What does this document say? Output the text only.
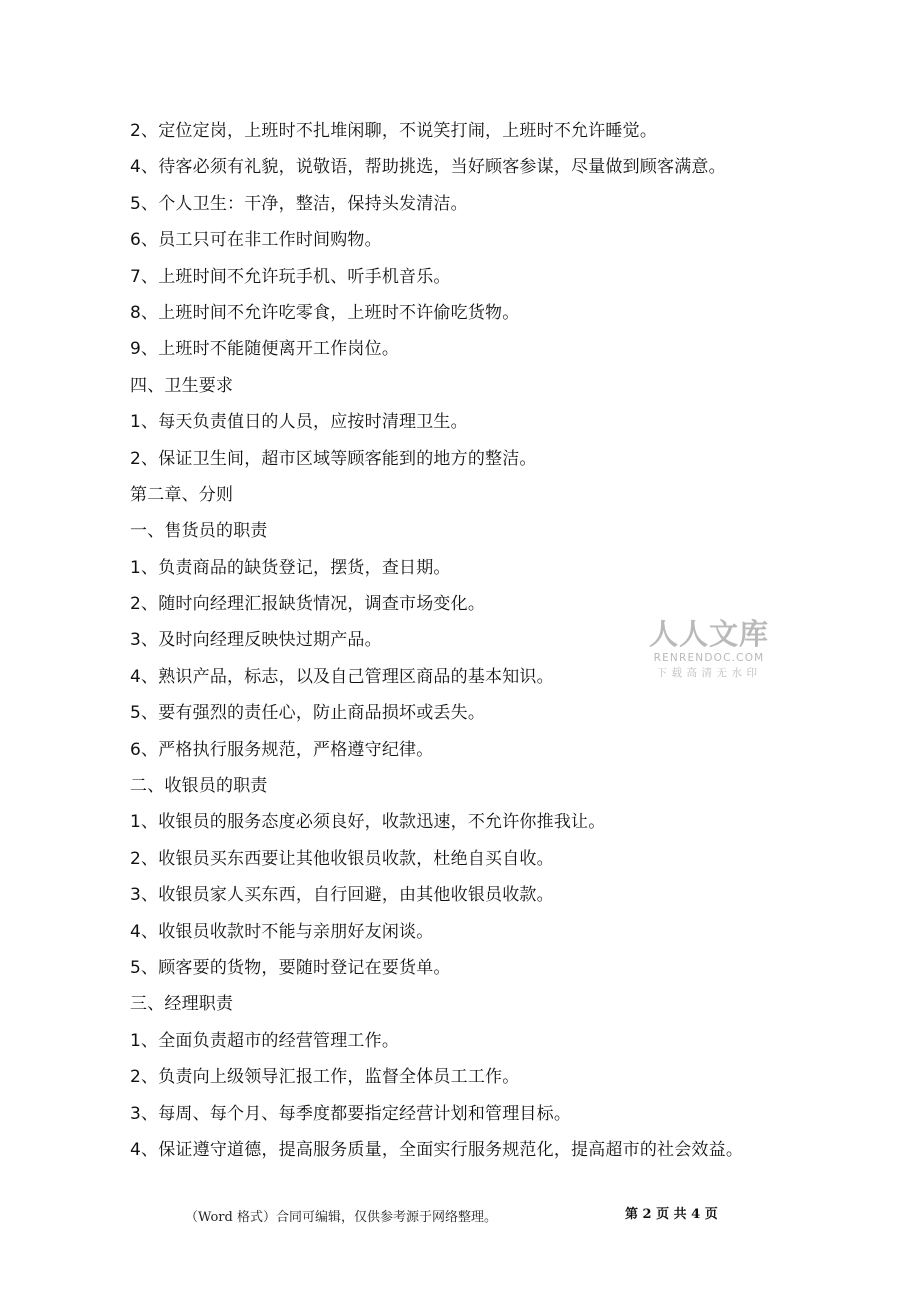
2、定位定岗，上班时不扎堆闲聊，不说笑打闹，上班时不允许睡觉。
4、待客必须有礼貌，说敬语，帮助挑选，当好顾客参谋，尽量做到顾客满意。
5、个人卫生：干净，整洁，保持头发清洁。
6、员工只可在非工作时间购物。
7、上班时间不允许玩手机、听手机音乐。
8、上班时间不允许吃零食，上班时不许偷吃货物。
9、上班时不能随便离开工作岗位。
四、卫生要求
1、每天负责值日的人员，应按时清理卫生。
2、保证卫生间，超市区域等顾客能到的地方的整洁。
第二章、分则
一、售货员的职责
1、负责商品的缺货登记，摆货，查日期。
2、随时向经理汇报缺货情况，调查市场变化。
3、及时向经理反映快过期产品。
4、熟识产品，标志，以及自己管理区商品的基本知识。
5、要有强烈的责任心，防止商品损坏或丢失。
6、严格执行服务规范，严格遵守纪律。
二、收银员的职责
1、收银员的服务态度必须良好，收款迅速，不允许你推我让。
2、收银员买东西要让其他收银员收款，杜绝自买自收。
3、收银员家人买东西，自行回避，由其他收银员收款。
4、收银员收款时不能与亲朋好友闲谈。
5、顾客要的货物，要随时登记在要货单。
三、经理职责
1、全面负责超市的经营管理工作。
2、负责向上级领导汇报工作，监督全体员工工作。
3、每周、每个月、每季度都要指定经营计划和管理目标。
4、保证遵守道德，提高服务质量，全面实行服务规范化，提高超市的社会效益。
人人文库
RENRENDOC.COM
下载高清无水印
（Word 格式）合同可编辑，仅供参考源于网络整理。	第 2 页 共 4 页
